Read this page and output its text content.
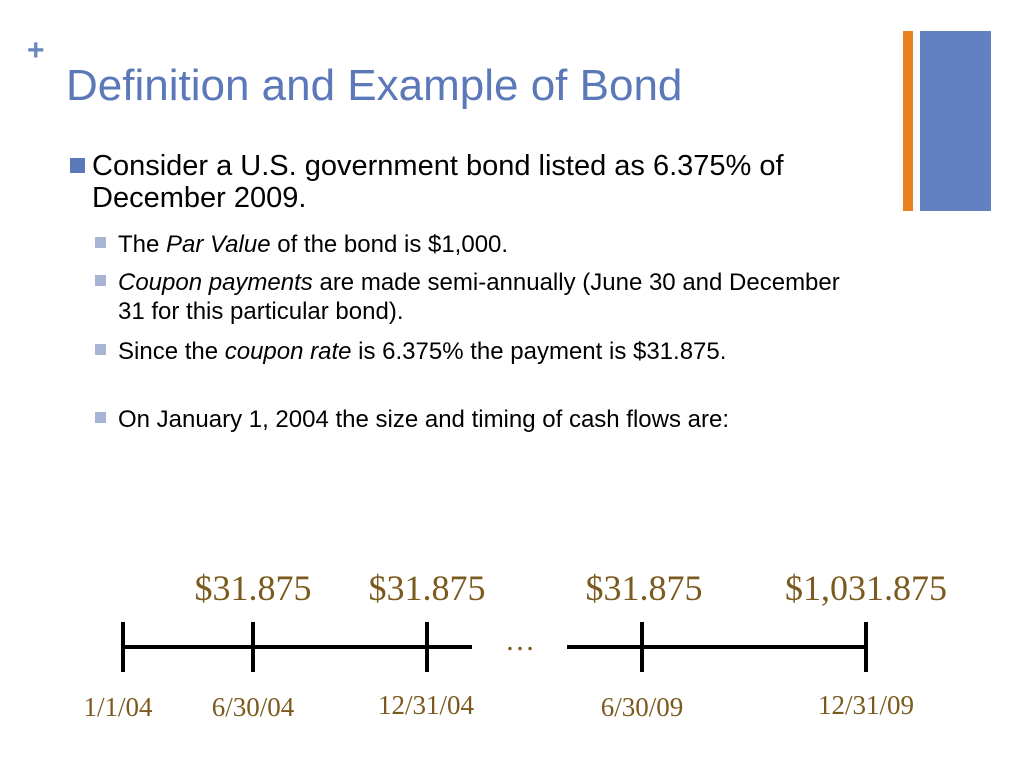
+
Definition and Example of Bond
Consider a U.S. government bond listed as 6.375% of December 2009.
The Par Value of the bond is $1,000.
Coupon payments are made semi-annually (June 30 and December 31 for this particular bond).
Since the coupon rate is 6.375% the payment is $31.875.
On January 1, 2004 the size and timing of cash flows are:
$31.875 $31.875	$31.875 $1,031.875
…
1/1/04 6/30/04	12/31/04	6/30/09	12/31/09
